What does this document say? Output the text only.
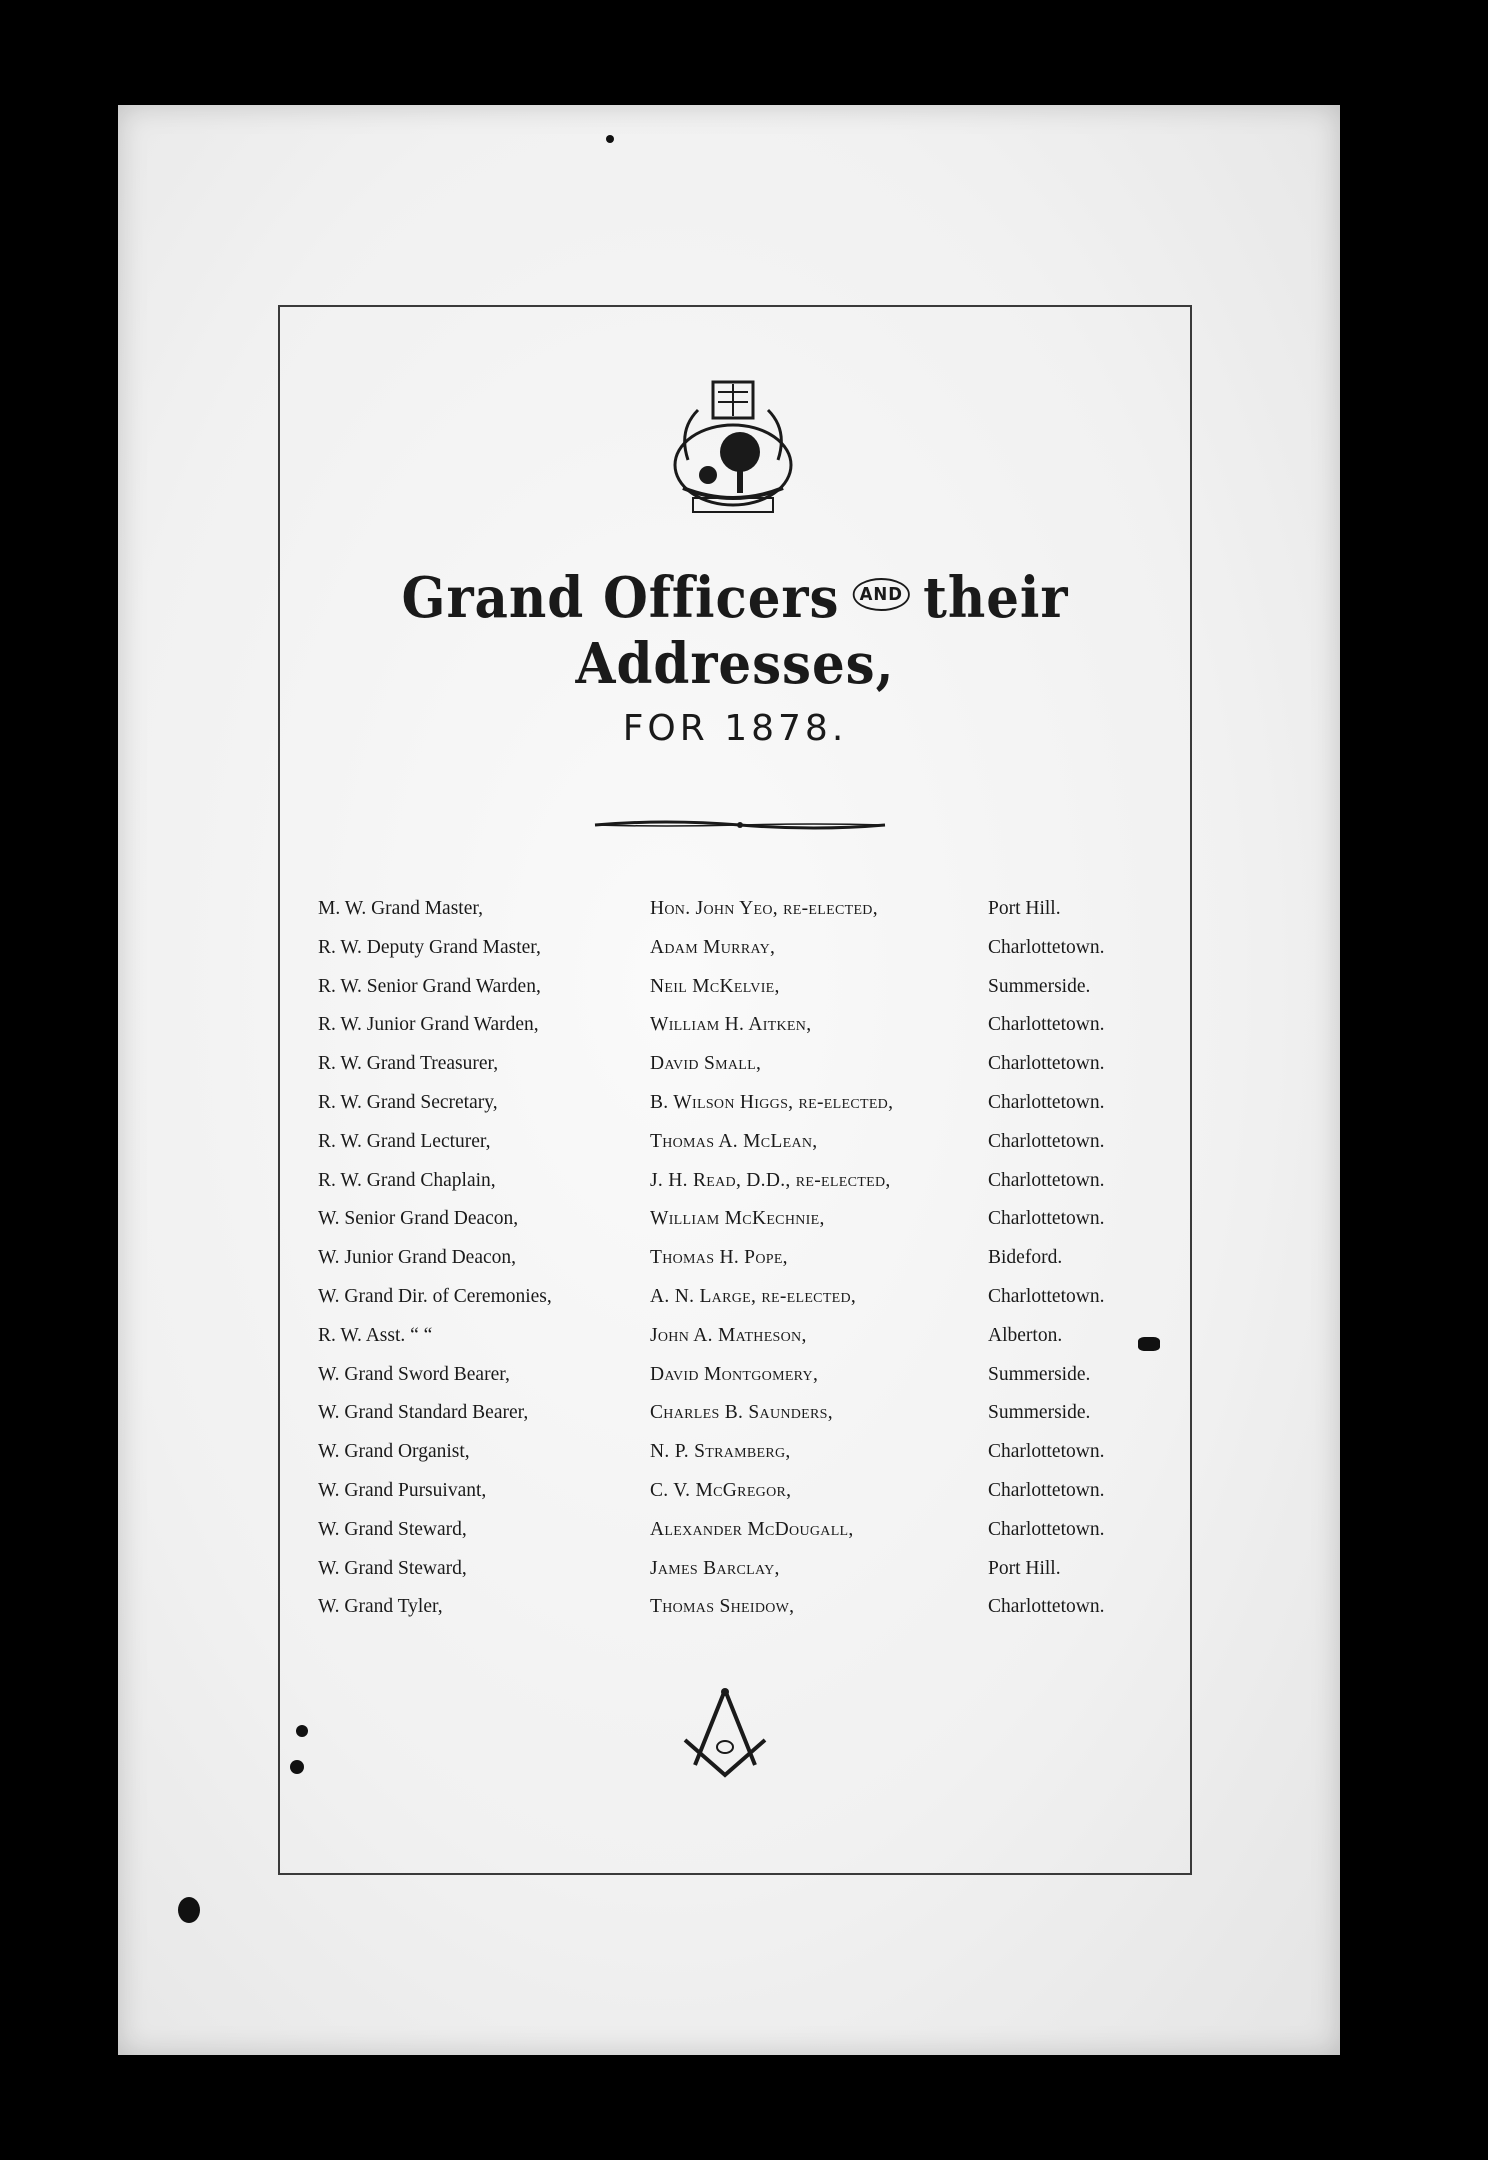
Grand Officers AND their Addresses,
FOR 1878.
M. W. Grand Master,	Hon. John Yeo, re-elected,	Port Hill.
R. W. Deputy Grand Master,	Adam Murray,	Charlottetown.
R. W. Senior Grand Warden,	Neil McKelvie,	Summerside.
R. W. Junior Grand Warden,	William H. Aitken,	Charlottetown.
R. W. Grand Treasurer,	David Small,	Charlottetown.
R. W. Grand Secretary,	B. Wilson Higgs, re-elected,	Charlottetown.
R. W. Grand Lecturer,	Thomas A. McLean,	Charlottetown.
R. W. Grand Chaplain,	J. H. Read, D.D., re-elected,	Charlottetown.
W. Senior Grand Deacon,	William McKechnie,	Charlottetown.
W. Junior Grand Deacon,	Thomas H. Pope,	Bideford.
W. Grand Dir. of Ceremonies,	A. N. Large, re-elected,	Charlottetown.
R. W. Asst. “ “	John A. Matheson,	Alberton.
W. Grand Sword Bearer,	David Montgomery,	Summerside.
W. Grand Standard Bearer,	Charles B. Saunders,	Summerside.
W. Grand Organist,	N. P. Stramberg,	Charlottetown.
W. Grand Pursuivant,	C. V. McGregor,	Charlottetown.
W. Grand Steward,	Alexander McDougall,	Charlottetown.
W. Grand Steward,	James Barclay,	Port Hill.
W. Grand Tyler,	Thomas Sheidow,	Charlottetown.
